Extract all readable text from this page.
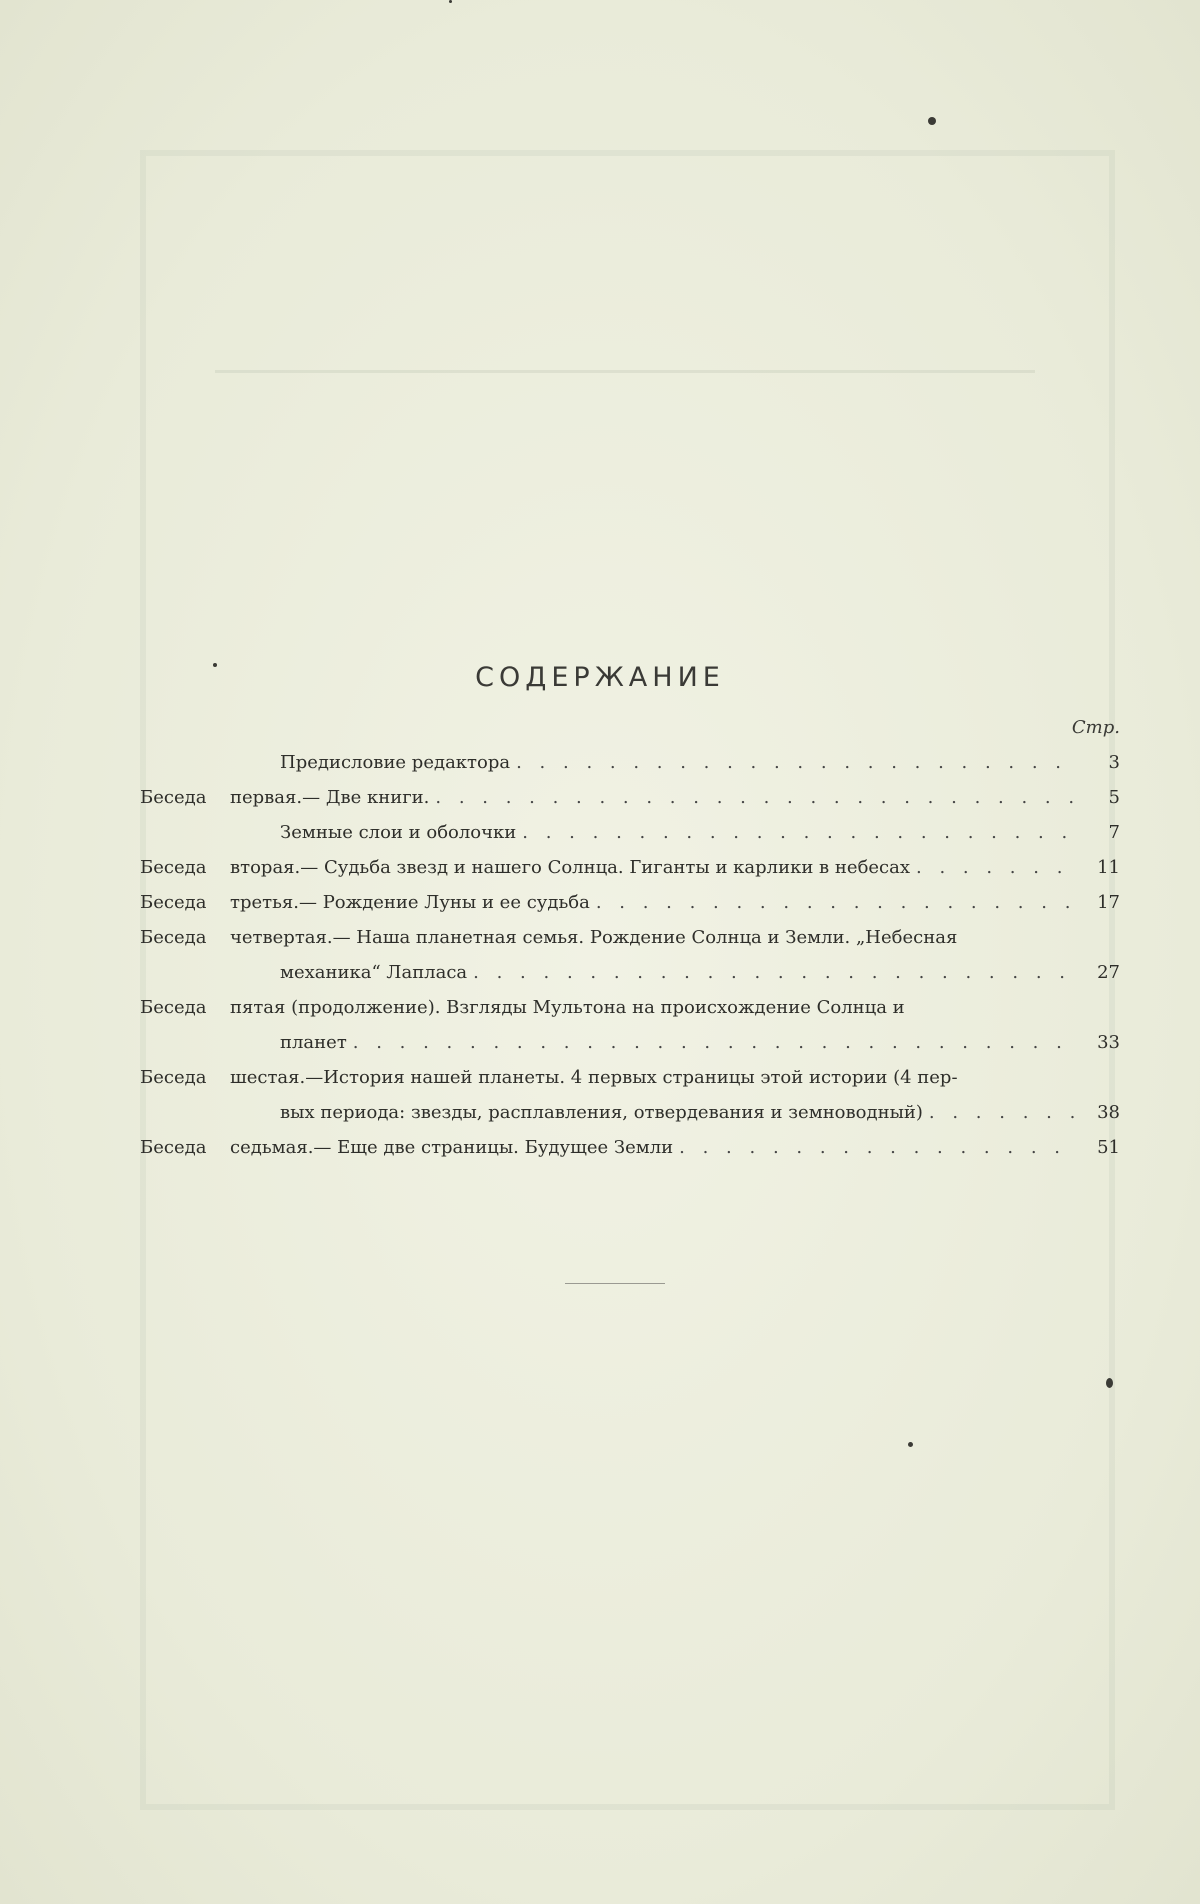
СОДЕРЖАНИЕ
Стр.
Предисловие редактора . . .	3
Беседа	первая.— Две книги. . . .	5
Земные слои и оболочки . . .	7
Беседа	вторая.— Судьба звезд и нашего Солнца. Гиганты и карлики в небесах . . .	11
Беседа	третья.— Рождение Луны и ее судьба . . .	17
Беседа	четвертая.— Наша планетная семья. Рождение Солнца и Земли. „Небесная
механика“ Лапласа . . .	27
Беседа	пятая (продолжение). Взгляды Мультона на происхождение Солнца и
планет . . .	33
Беседа	шестая.—История нашей планеты. 4 первых страницы этой истории (4 пер-
вых периода: звезды, расплавления, отвердевания и земноводный) . . .	38
Беседа	седьмая.— Еще две страницы. Будущее Земли . . .	51
